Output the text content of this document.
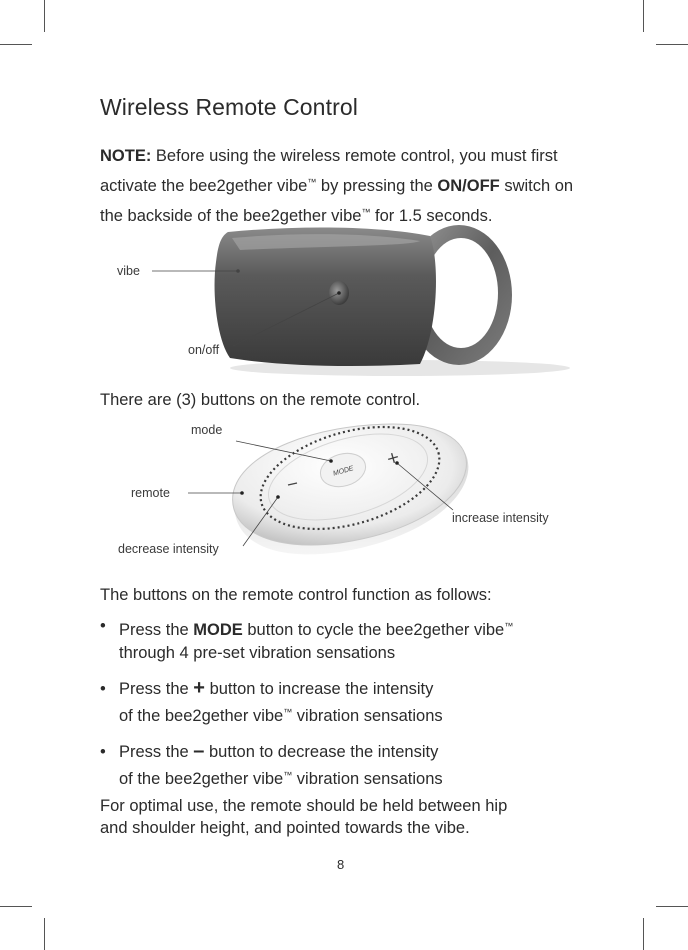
Wireless Remote Control

NOTE: Before using the wireless remote control, you must first activate the bee2gether vibe™ by pressing the ON/OFF switch on the backside of the bee2gether vibe™ for 1.5 seconds.

MODE

vibe

on/off

There are (3) buttons on the remote control.

mode

remote

increase intensity

decrease intensity

The buttons on the remote control function as follows:

• Press the MODE button to cycle the bee2gether vibe™
through 4 pre-set vibration sensations
• Press the + button to increase the intensity
of the bee2gether vibe™ vibration sensations
• Press the – button to decrease the intensity
of the bee2gether vibe™ vibration sensations

For optimal use, the remote should be held between hip
and shoulder height, and pointed towards the vibe.

8
